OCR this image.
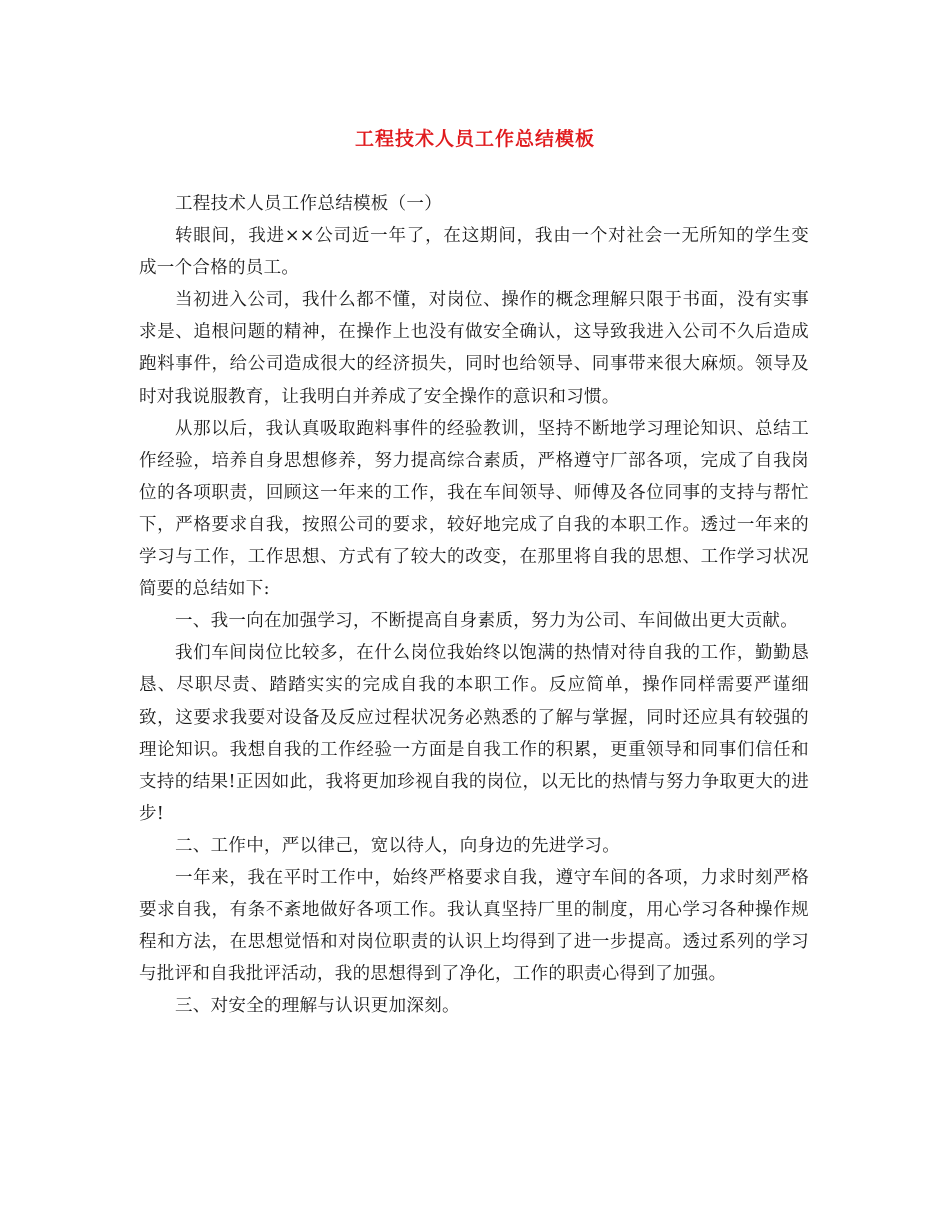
工程技术人员工作总结模板

工程技术人员工作总结模板（一）

转眼间，我进××公司近一年了，在这期间，我由一个对社会一无所知的学生变成一个合格的员工。

当初进入公司，我什么都不懂，对岗位、操作的概念理解只限于书面，没有实事求是、追根问题的精神，在操作上也没有做安全确认，这导致我进入公司不久后造成跑料事件，给公司造成很大的经济损失，同时也给领导、同事带来很大麻烦。领导及时对我说服教育，让我明白并养成了安全操作的意识和习惯。

从那以后，我认真吸取跑料事件的经验教训，坚持不断地学习理论知识、总结工作经验，培养自身思想修养，努力提高综合素质，严格遵守厂部各项，完成了自我岗位的各项职责，回顾这一年来的工作，我在车间领导、师傅及各位同事的支持与帮忙下，严格要求自我，按照公司的要求，较好地完成了自我的本职工作。透过一年来的学习与工作，工作思想、方式有了较大的改变，在那里将自我的思想、工作学习状况简要的总结如下:

一、我一向在加强学习，不断提高自身素质，努力为公司、车间做出更大贡献。

我们车间岗位比较多，在什么岗位我始终以饱满的热情对待自我的工作，勤勤恳恳、尽职尽责、踏踏实实的完成自我的本职工作。反应简单，操作同样需要严谨细致，这要求我要对设备及反应过程状况务必熟悉的了解与掌握，同时还应具有较强的理论知识。我想自我的工作经验一方面是自我工作的积累，更重领导和同事们信任和支持的结果!正因如此，我将更加珍视自我的岗位，以无比的热情与努力争取更大的进步!

二、工作中，严以律己，宽以待人，向身边的先进学习。

一年来，我在平时工作中，始终严格要求自我，遵守车间的各项，力求时刻严格要求自我，有条不紊地做好各项工作。我认真坚持厂里的制度，用心学习各种操作规程和方法，在思想觉悟和对岗位职责的认识上均得到了进一步提高。透过系列的学习与批评和自我批评活动，我的思想得到了净化，工作的职责心得到了加强。

三、对安全的理解与认识更加深刻。
